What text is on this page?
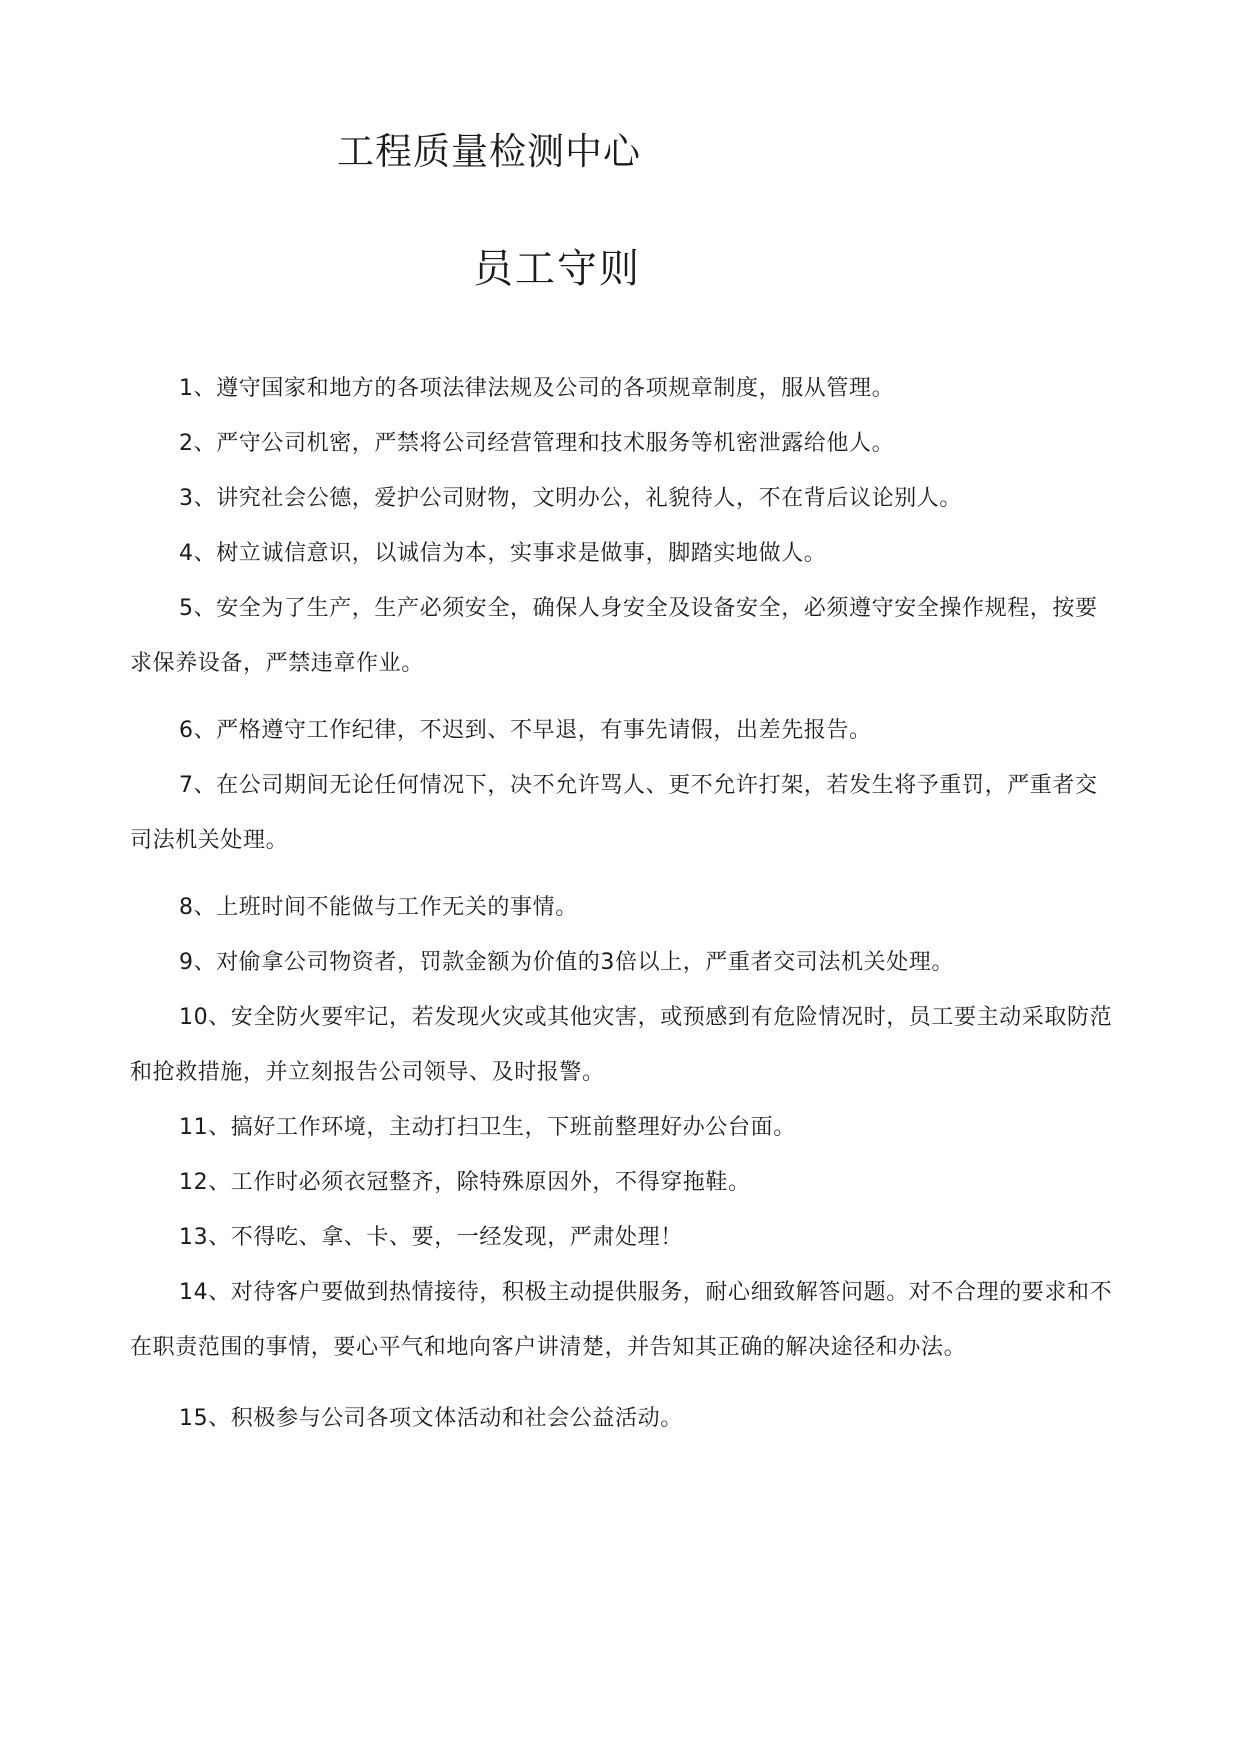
工程质量检测中心
员工守则
1、遵守国家和地方的各项法律法规及公司的各项规章制度，服从管理。
2、严守公司机密，严禁将公司经营管理和技术服务等机密泄露给他人。
3、讲究社会公德，爱护公司财物，文明办公，礼貌待人，不在背后议论别人。
4、树立诚信意识，以诚信为本，实事求是做事，脚踏实地做人。
5、安全为了生产，生产必须安全，确保人身安全及设备安全，必须遵守安全操作规程，按要求保养设备，严禁违章作业。
6、严格遵守工作纪律，不迟到、不早退，有事先请假，出差先报告。
7、在公司期间无论任何情况下，决不允许骂人、更不允许打架，若发生将予重罚，严重者交司法机关处理。
8、上班时间不能做与工作无关的事情。
9、对偷拿公司物资者，罚款金额为价值的3倍以上，严重者交司法机关处理。
10、安全防火要牢记，若发现火灾或其他灾害，或预感到有危险情况时，员工要主动采取防范和抢救措施，并立刻报告公司领导、及时报警。
11、搞好工作环境，主动打扫卫生，下班前整理好办公台面。
12、工作时必须衣冠整齐，除特殊原因外，不得穿拖鞋。
13、不得吃、拿、卡、要，一经发现，严肃处理！
14、对待客户要做到热情接待，积极主动提供服务，耐心细致解答问题。对不合理的要求和不在职责范围的事情，要心平气和地向客户讲清楚，并告知其正确的解决途径和办法。
15、积极参与公司各项文体活动和社会公益活动。
